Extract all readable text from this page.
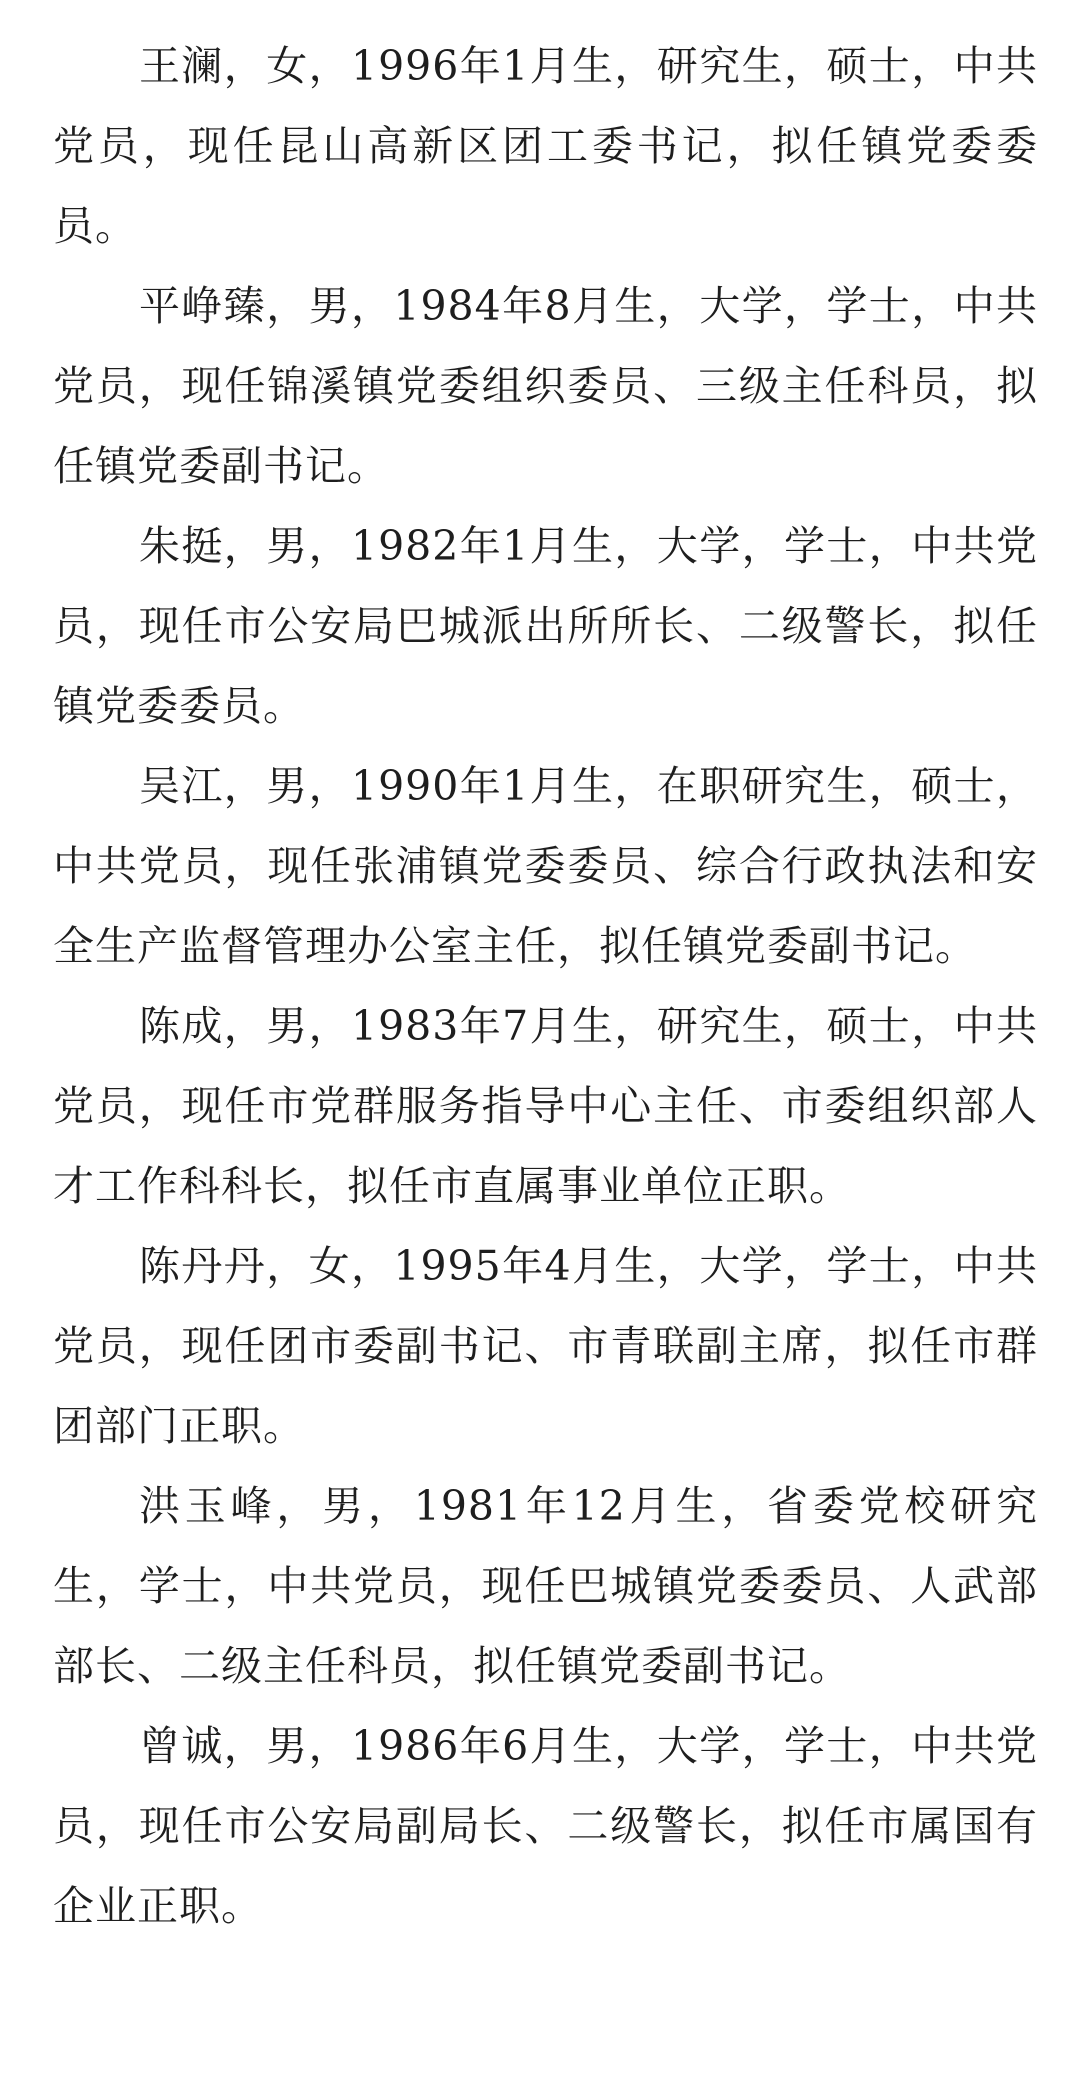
王澜，女，1996年1月生，研究生，硕士，中共党员，现任昆山高新区团工委书记，拟任镇党委委员。

平峥臻，男，1984年8月生，大学，学士，中共党员，现任锦溪镇党委组织委员、三级主任科员，拟任镇党委副书记。

朱挺，男，1982年1月生，大学，学士，中共党员，现任市公安局巴城派出所所长、二级警长，拟任镇党委委员。

吴江，男，1990年1月生，在职研究生，硕士，中共党员，现任张浦镇党委委员、综合行政执法和安全生产监督管理办公室主任，拟任镇党委副书记。

陈成，男，1983年7月生，研究生，硕士，中共党员，现任市党群服务指导中心主任、市委组织部人才工作科科长，拟任市直属事业单位正职。

陈丹丹，女，1995年4月生，大学，学士，中共党员，现任团市委副书记、市青联副主席，拟任市群团部门正职。

洪玉峰，男，1981年12月生，省委党校研究生，学士，中共党员，现任巴城镇党委委员、人武部部长、二级主任科员，拟任镇党委副书记。

曾诚，男，1986年6月生，大学，学士，中共党员，现任市公安局副局长、二级警长，拟任市属国有企业正职。
